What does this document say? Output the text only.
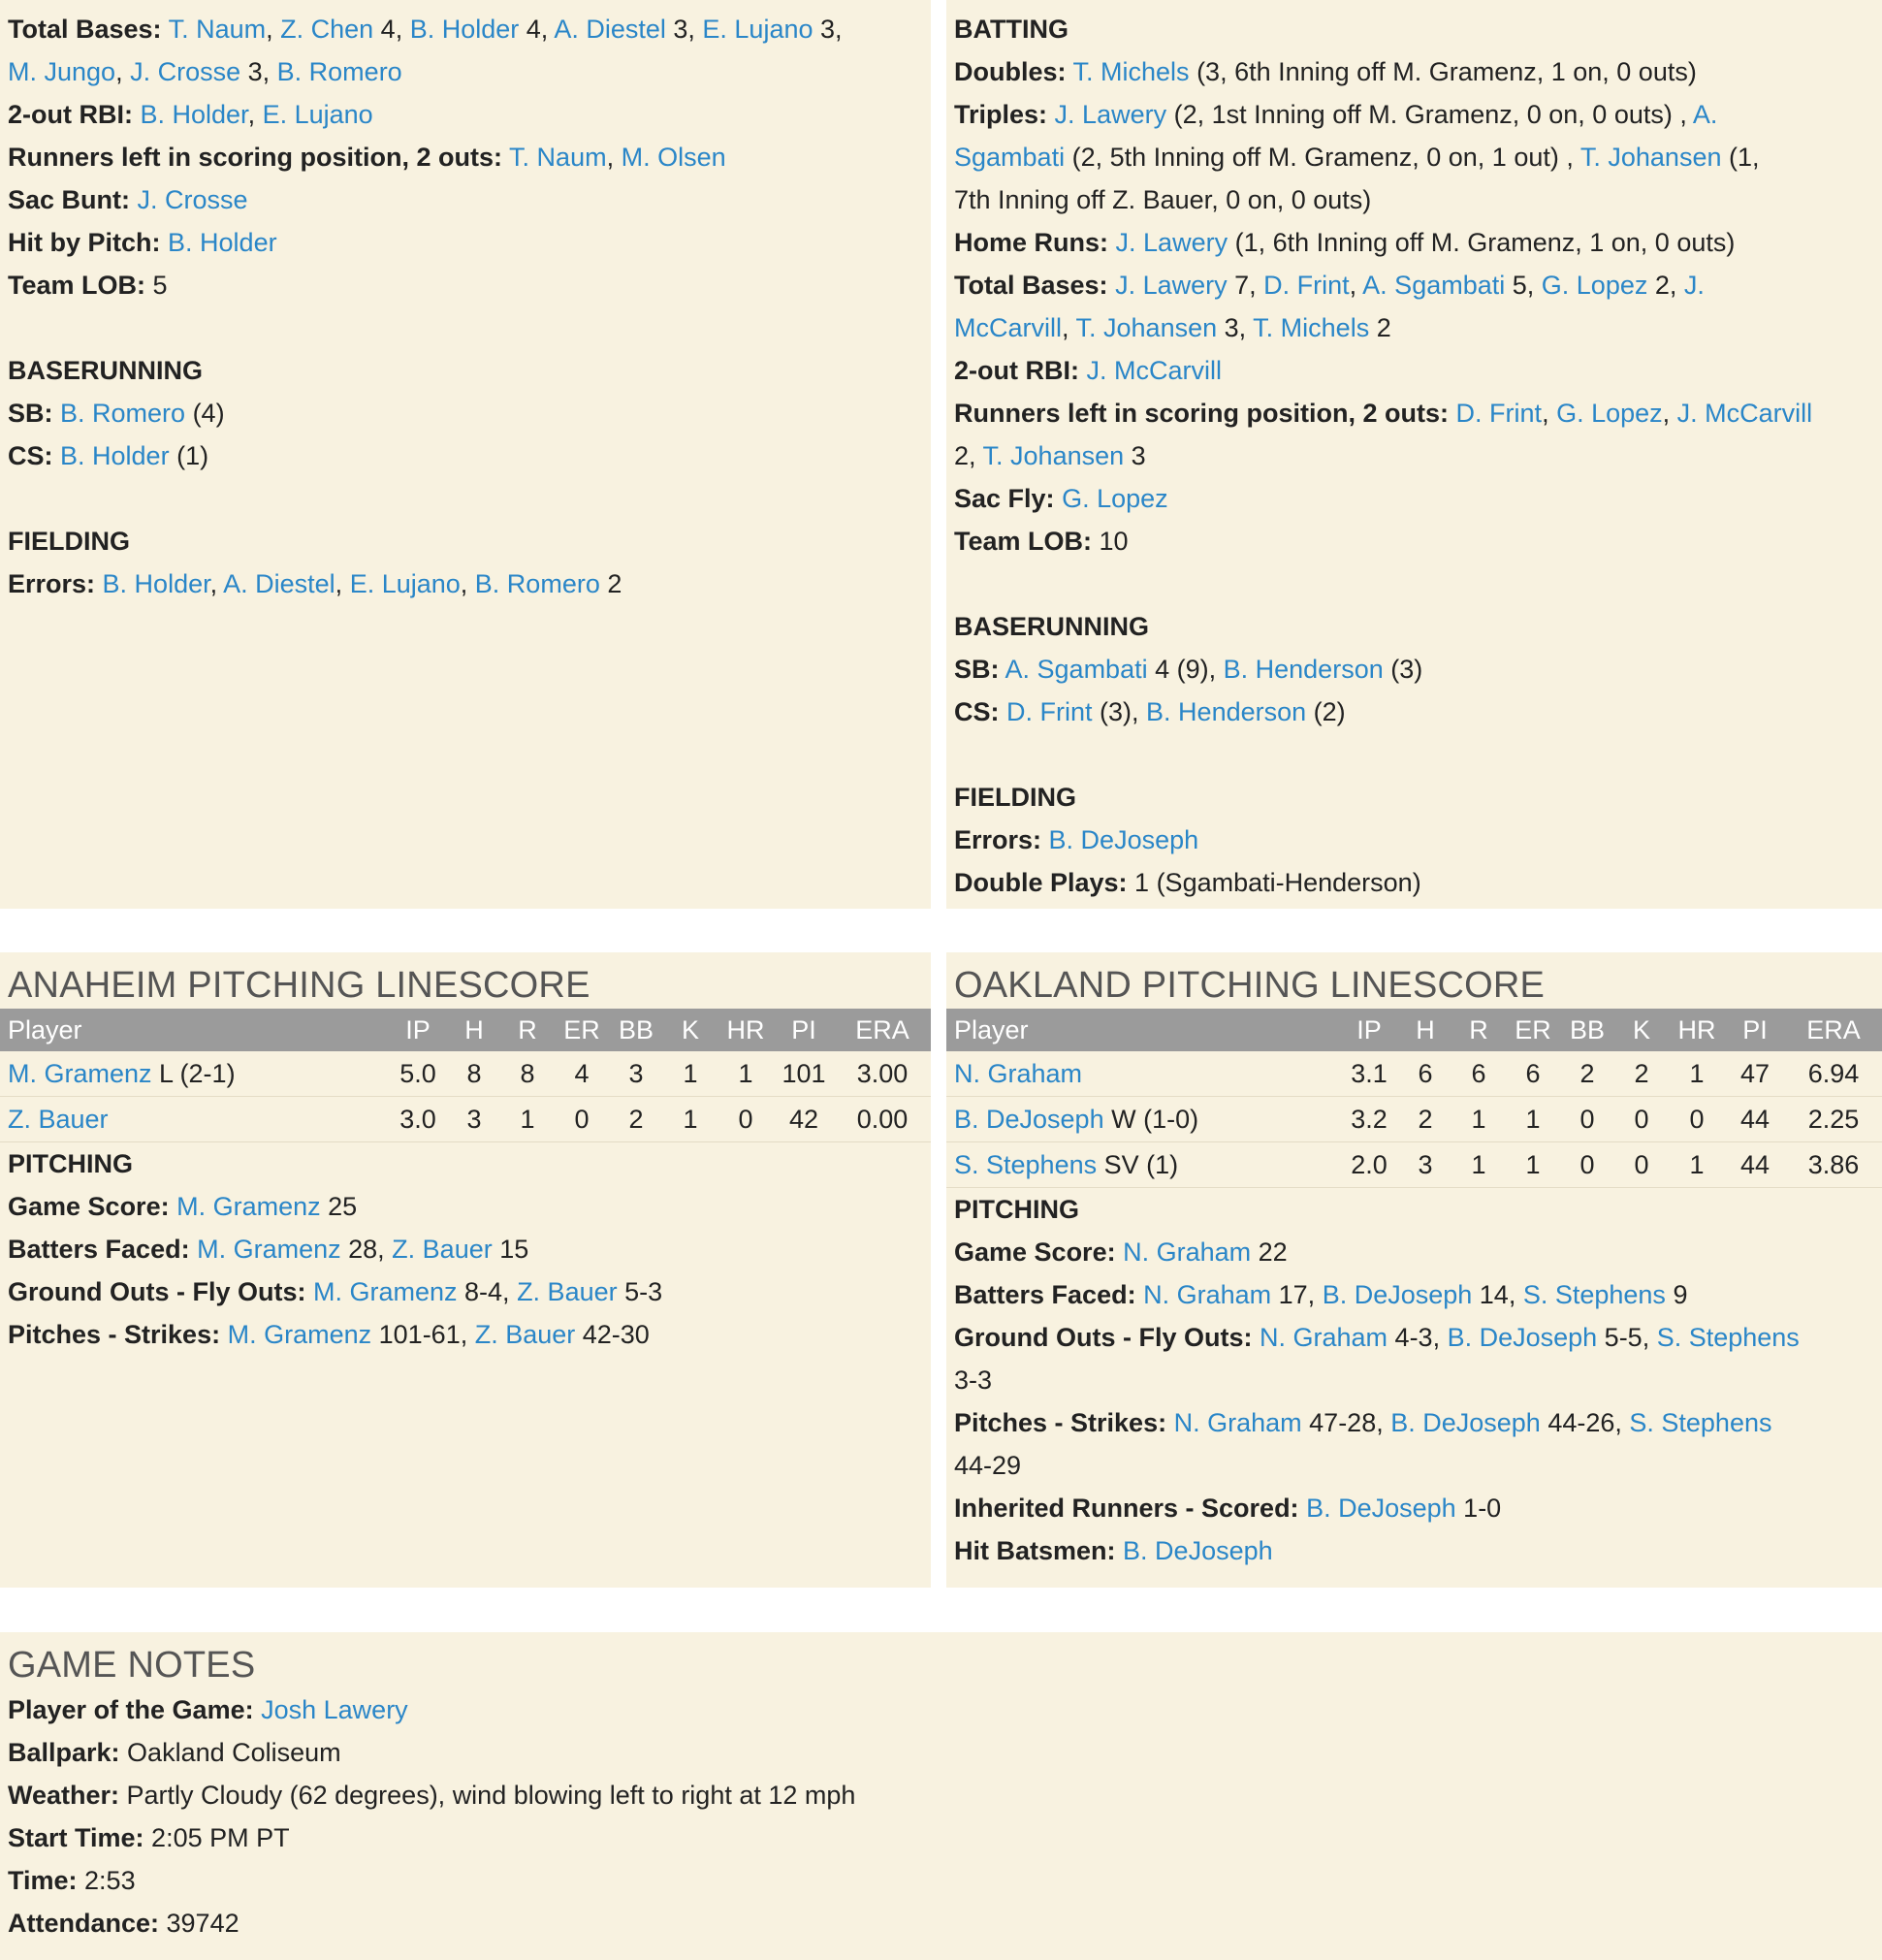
Total Bases: T. Naum, Z. Chen 4, B. Holder 4, A. Diestel 3, E. Lujano 3,
M. Jungo, J. Crosse 3, B. Romero
2-out RBI: B. Holder, E. Lujano
Runners left in scoring position, 2 outs: T. Naum, M. Olsen
Sac Bunt: J. Crosse
Hit by Pitch: B. Holder
Team LOB: 5
BASERUNNING
SB: B. Romero (4)
CS: B. Holder (1)
FIELDING
Errors: B. Holder, A. Diestel, E. Lujano, B. Romero 2
BATTING
Doubles: T. Michels (3, 6th Inning off M. Gramenz, 1 on, 0 outs)
Triples: J. Lawery (2, 1st Inning off M. Gramenz, 0 on, 0 outs) , A.
Sgambati (2, 5th Inning off M. Gramenz, 0 on, 1 out) , T. Johansen (1,
7th Inning off Z. Bauer, 0 on, 0 outs)
Home Runs: J. Lawery (1, 6th Inning off M. Gramenz, 1 on, 0 outs)
Total Bases: J. Lawery 7, D. Frint, A. Sgambati 5, G. Lopez 2, J.
McCarvill, T. Johansen 3, T. Michels 2
2-out RBI: J. McCarvill
Runners left in scoring position, 2 outs: D. Frint, G. Lopez, J. McCarvill
2, T. Johansen 3
Sac Fly: G. Lopez
Team LOB: 10
BASERUNNING
SB: A. Sgambati 4 (9), B. Henderson (3)
CS: D. Frint (3), B. Henderson (2)
FIELDING
Errors: B. DeJoseph
Double Plays: 1 (Sgambati-Henderson)
ANAHEIM PITCHING LINESCORE
Player	IP	H	R	ER	BB	K	HR	PI	ERA
M. Gramenz L (2-1)	5.0	8	8	4	3	1	1	101	3.00
Z. Bauer	3.0	3	1	0	2	1	0	42	0.00
PITCHING
Game Score: M. Gramenz 25
Batters Faced: M. Gramenz 28, Z. Bauer 15
Ground Outs - Fly Outs: M. Gramenz 8-4, Z. Bauer 5-3
Pitches - Strikes: M. Gramenz 101-61, Z. Bauer 42-30
OAKLAND PITCHING LINESCORE
Player	IP	H	R	ER	BB	K	HR	PI	ERA
N. Graham	3.1	6	6	6	2	2	1	47	6.94
B. DeJoseph W (1-0)	3.2	2	1	1	0	0	0	44	2.25
S. Stephens SV (1)	2.0	3	1	1	0	0	1	44	3.86
PITCHING
Game Score: N. Graham 22
Batters Faced: N. Graham 17, B. DeJoseph 14, S. Stephens 9
Ground Outs - Fly Outs: N. Graham 4-3, B. DeJoseph 5-5, S. Stephens
3-3
Pitches - Strikes: N. Graham 47-28, B. DeJoseph 44-26, S. Stephens
44-29
Inherited Runners - Scored: B. DeJoseph 1-0
Hit Batsmen: B. DeJoseph
GAME NOTES
Player of the Game: Josh Lawery
Ballpark: Oakland Coliseum
Weather: Partly Cloudy (62 degrees), wind blowing left to right at 12 mph
Start Time: 2:05 PM PT
Time: 2:53
Attendance: 39742
